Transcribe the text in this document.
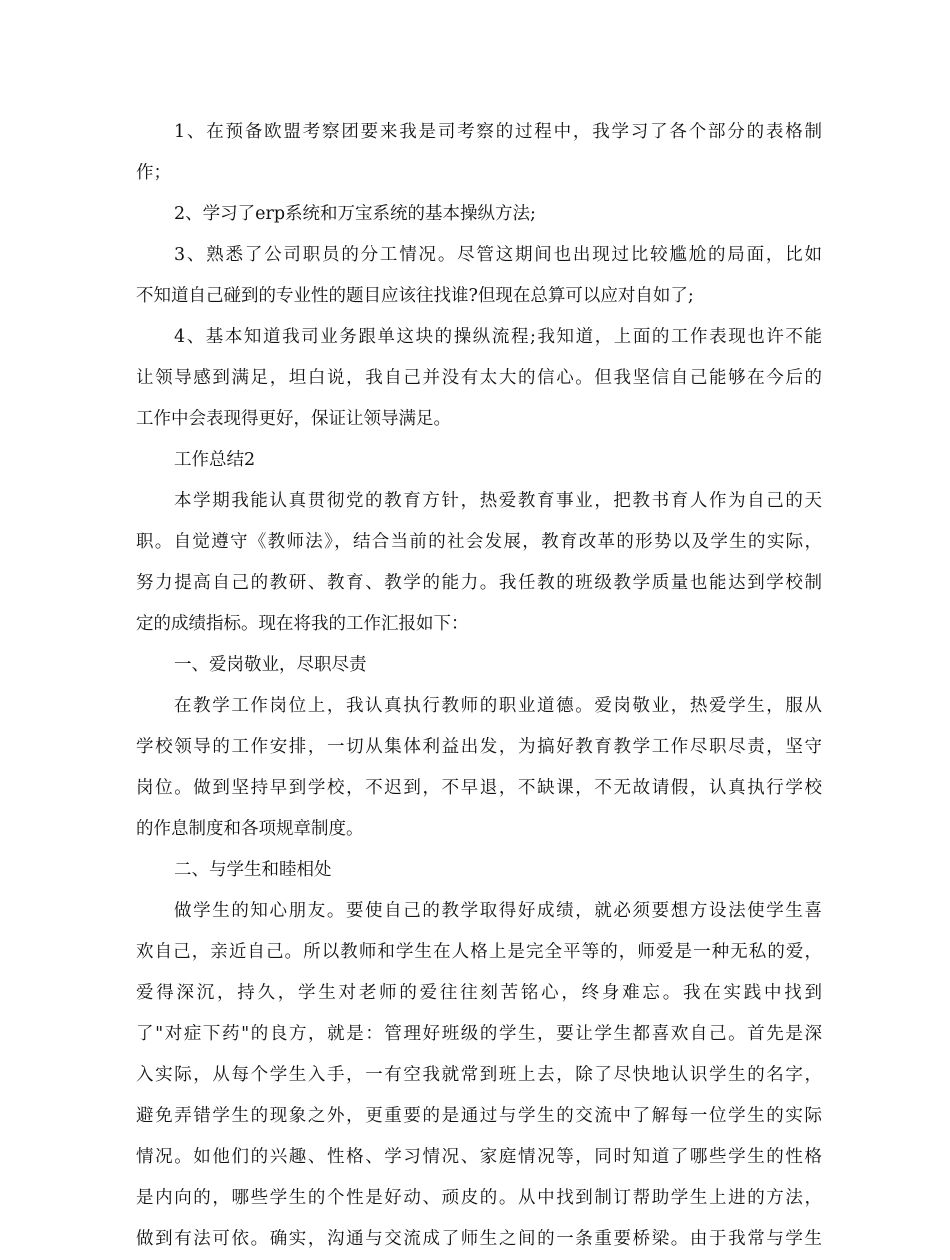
1、在预备欧盟考察团要来我是司考察的过程中，我学习了各个部分的表格制
作；
2、学习了erp系统和万宝系统的基本操纵方法;
3、熟悉了公司职员的分工情况。尽管这期间也出现过比较尴尬的局面，比如
不知道自己碰到的专业性的题目应该往找谁?但现在总算可以应对自如了;
4、基本知道我司业务跟单这块的操纵流程;我知道，上面的工作表现也许不能
让领导感到满足，坦白说，我自己并没有太大的信心。但我坚信自己能够在今后的
工作中会表现得更好，保证让领导满足。
工作总结2
本学期我能认真贯彻党的教育方针，热爱教育事业，把教书育人作为自己的天
职。自觉遵守《教师法》，结合当前的社会发展，教育改革的形势以及学生的实际，
努力提高自己的教研、教育、教学的能力。我任教的班级教学质量也能达到学校制
定的成绩指标。现在将我的工作汇报如下：
一、爱岗敬业，尽职尽责
在教学工作岗位上，我认真执行教师的职业道德。爱岗敬业，热爱学生，服从
学校领导的工作安排，一切从集体利益出发，为搞好教育教学工作尽职尽责，坚守
岗位。做到坚持早到学校，不迟到，不早退，不缺课，不无故请假，认真执行学校
的作息制度和各项规章制度。
二、与学生和睦相处
做学生的知心朋友。要使自己的教学取得好成绩，就必须要想方设法使学生喜
欢自己，亲近自己。所以教师和学生在人格上是完全平等的，师爱是一种无私的爱，
爱得深沉，持久，学生对老师的爱往往刻苦铭心，终身难忘。我在实践中找到
了"对症下药"的良方，就是：管理好班级的学生，要让学生都喜欢自己。首先是深
入实际，从每个学生入手，一有空我就常到班上去，除了尽快地认识学生的名字，
避免弄错学生的现象之外，更重要的是通过与学生的交流中了解每一位学生的实际
情况。如他们的兴趣、性格、学习情况、家庭情况等，同时知道了哪些学生的性格
是内向的，哪些学生的个性是好动、顽皮的。从中找到制订帮助学生上进的方法，
做到有法可依。确实，沟通与交流成了师生之间的一条重要桥梁。由于我常与学生
